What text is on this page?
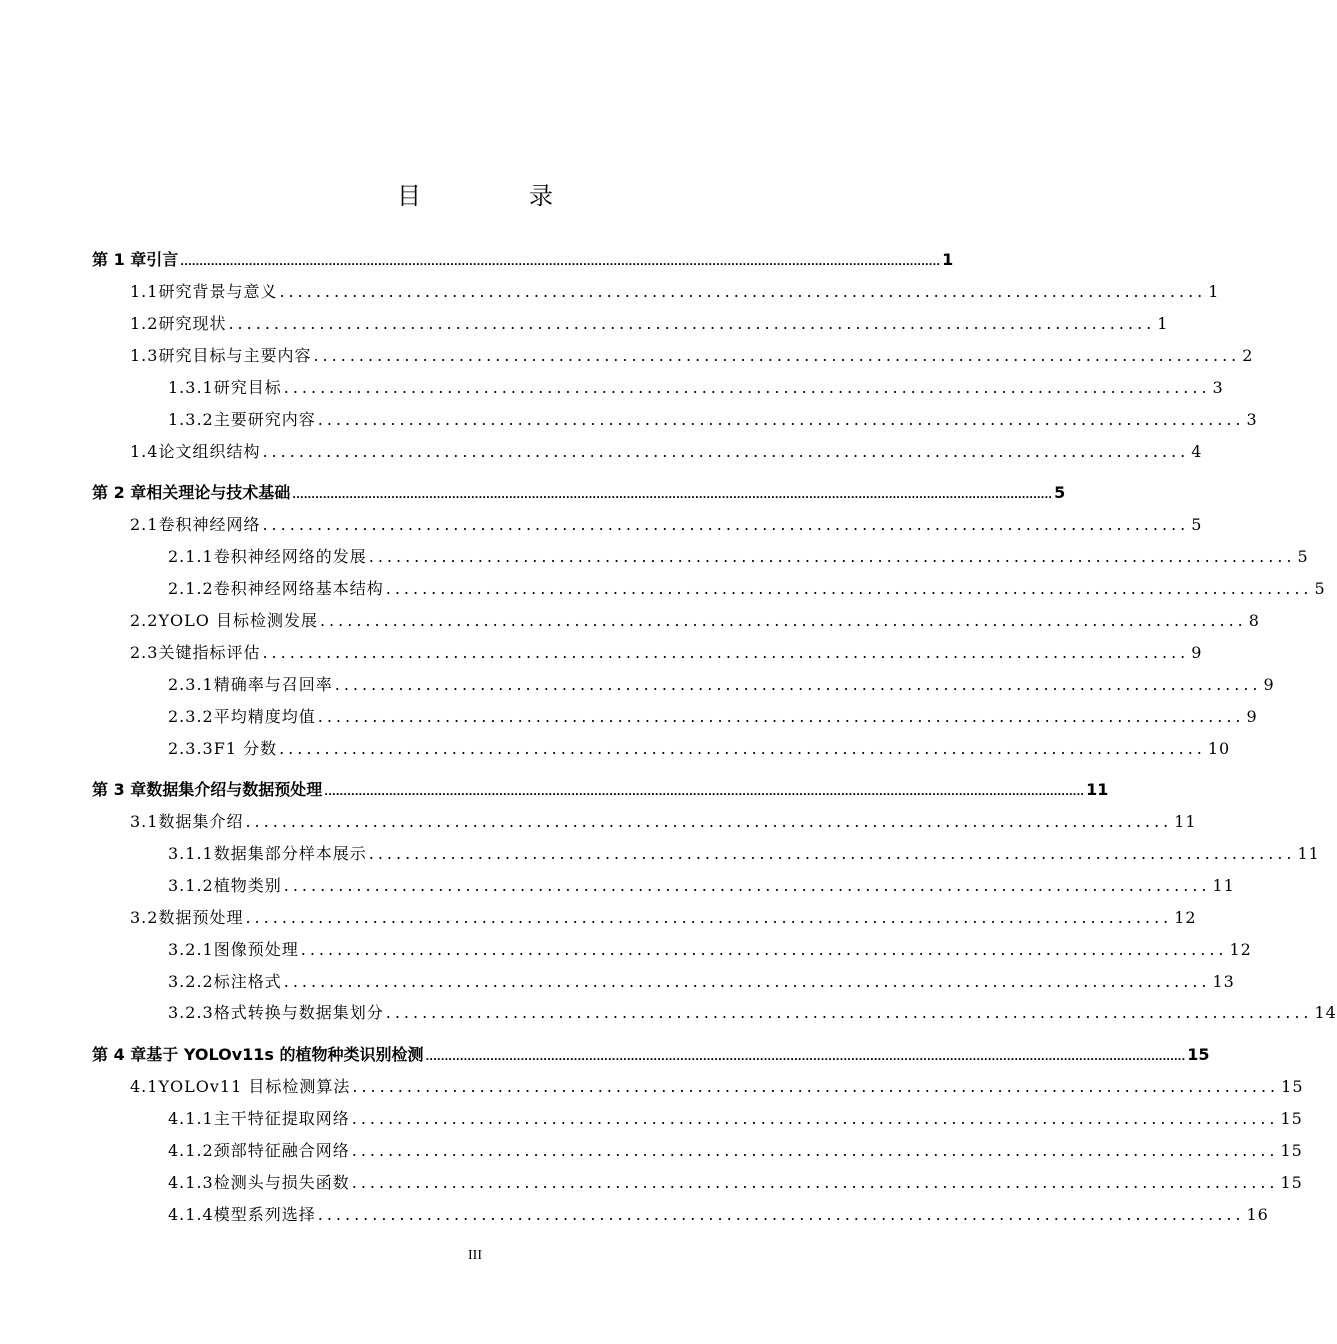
目　录
第 1 章 引言 ........................................................................................................................................................................................................ 1
1.1 研究背景与意义 ...................................................................................................... 1
1.2 研究现状 ...................................................................................................... 1
1.3 研究目标与主要内容 ...................................................................................................... 2
1.3.1 研究目标 ...................................................................................................... 3
1.3.2 主要研究内容 ...................................................................................................... 3
1.4 论文组织结构 ...................................................................................................... 4
第 2 章 相关理论与技术基础 ........................................................................................................................................................................................................ 5
2.1 卷积神经网络 ...................................................................................................... 5
2.1.1 卷积神经网络的发展 ...................................................................................................... 5
2.1.2 卷积神经网络基本结构 ...................................................................................................... 5
2.2 YOLO 目标检测发展 ...................................................................................................... 8
2.3 关键指标评估 ...................................................................................................... 9
2.3.1 精确率与召回率 ...................................................................................................... 9
2.3.2 平均精度均值 ...................................................................................................... 9
2.3.3 F1 分数 ...................................................................................................... 10
第 3 章 数据集介绍与数据预处理 ........................................................................................................................................................................................................ 11
3.1 数据集介绍 ...................................................................................................... 11
3.1.1 数据集部分样本展示 ...................................................................................................... 11
3.1.2 植物类别 ...................................................................................................... 11
3.2 数据预处理 ...................................................................................................... 12
3.2.1 图像预处理 ...................................................................................................... 12
3.2.2 标注格式 ...................................................................................................... 13
3.2.3 格式转换与数据集划分 ...................................................................................................... 14
第 4 章 基于 YOLOv11s 的植物种类识别检测 ........................................................................................................................................................................................................ 15
4.1 YOLOv11 目标检测算法 ...................................................................................................... 15
4.1.1 主干特征提取网络 ...................................................................................................... 15
4.1.2 颈部特征融合网络 ...................................................................................................... 15
4.1.3 检测头与损失函数 ...................................................................................................... 15
4.1.4 模型系列选择 ...................................................................................................... 16
III
